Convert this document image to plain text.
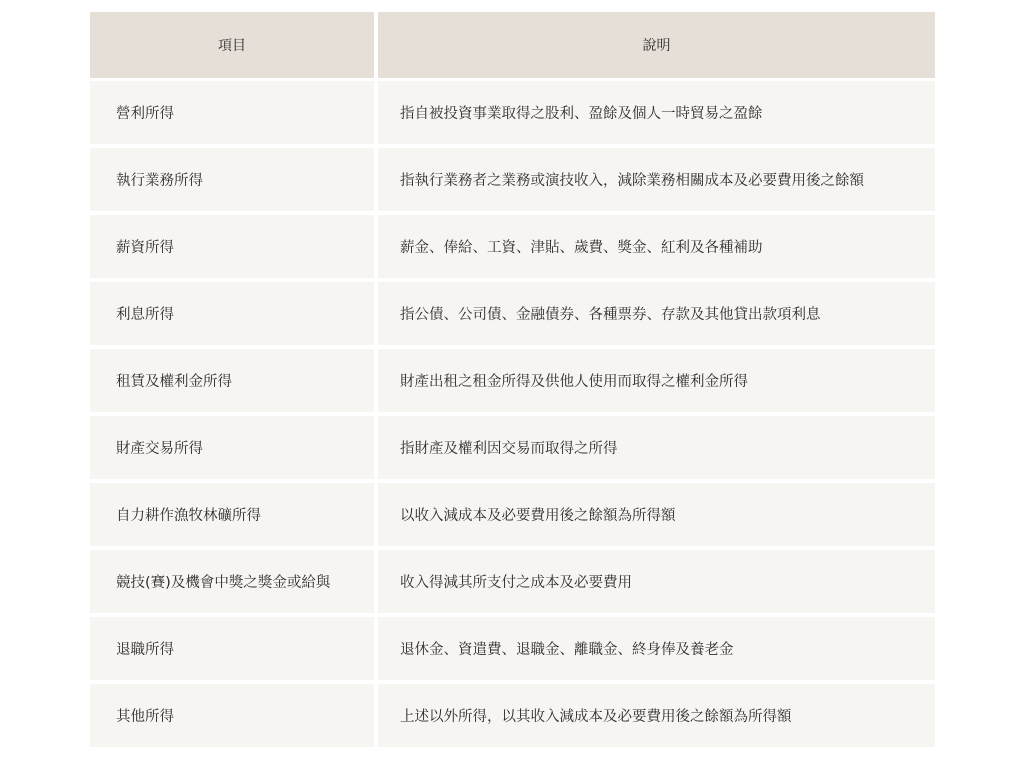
項目	說明
營利所得	指自被投資事業取得之股利、盈餘及個人一時貿易之盈餘
執行業務所得	指執行業務者之業務或演技收入，減除業務相關成本及必要費用後之餘額
薪資所得	薪金、俸給、工資、津貼、歲費、獎金、紅利及各種補助
利息所得	指公債、公司債、金融債券、各種票券、存款及其他貸出款項利息
租賃及權利金所得	財產出租之租金所得及供他人使用而取得之權利金所得
財產交易所得	指財產及權利因交易而取得之所得
自力耕作漁牧林礦所得	以收入減成本及必要費用後之餘額為所得額
競技(賽)及機會中獎之獎金或給與	收入得減其所支付之成本及必要費用
退職所得	退休金、資遣費、退職金、離職金、終身俸及養老金
其他所得	上述以外所得，以其收入減成本及必要費用後之餘額為所得額
